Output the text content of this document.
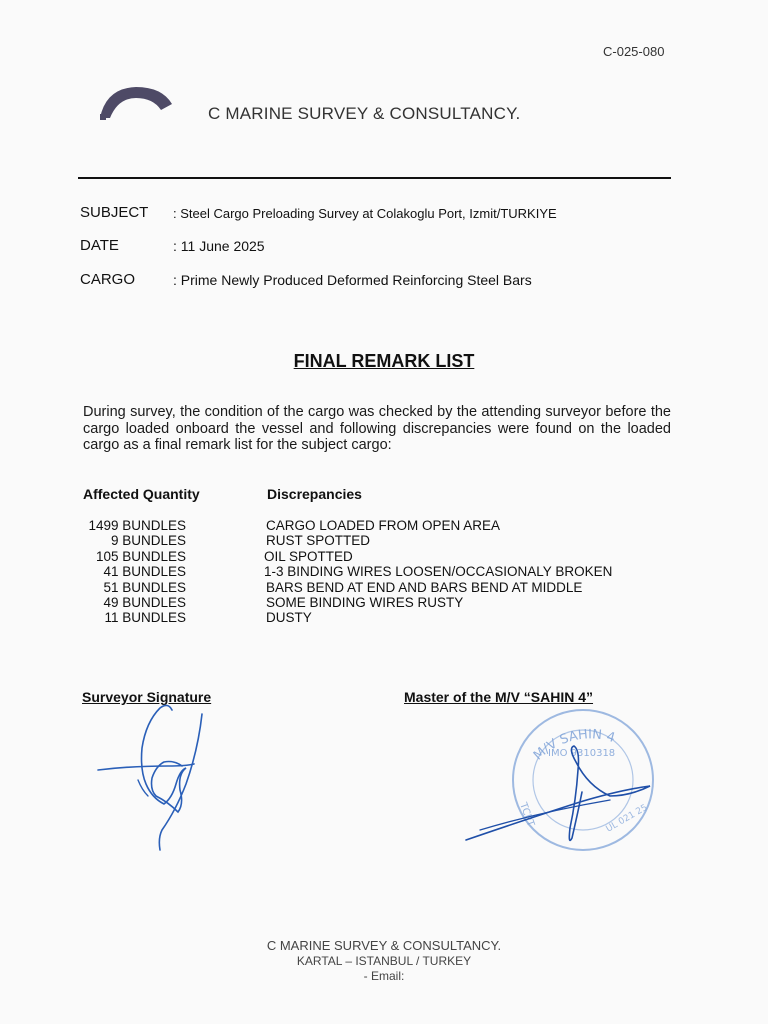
C-025-080
C MARINE SURVEY & CONSULTANCY.
SUBJECT : Steel Cargo Preloading Survey at Colakoglu Port, Izmit/TURKIYE
DATE	: 11 June 2025
CARGO	: Prime Newly Produced Deformed Reinforcing Steel Bars
FINAL REMARK LIST
During survey, the condition of the cargo was checked by the attending surveyor before the cargo loaded onboard the vessel and following discrepancies were found on the loaded cargo as a final remark list for the subject cargo:
Affected Quantity	Discrepancies
1499 BUNDLES	CARGO LOADED FROM OPEN AREA
9 BUNDLES	RUST SPOTTED
105 BUNDLES	OIL SPOTTED
41 BUNDLES	1-3 BINDING WIRES LOOSEN/OCCASIONALY BROKEN
51 BUNDLES	BARS BEND AT END AND BARS BEND AT MIDDLE
49 BUNDLES	SOME BINDING WIRES RUSTY
11 BUNDLES	DUSTY
Surveyor Signature	Master of the M/V “SAHIN 4”
M/V SAHIN 4
IMO 9310318
TCPT	UL 021 25
C MARINE SURVEY & CONSULTANCY.
KARTAL – ISTANBUL / TURKEY
- Email:
